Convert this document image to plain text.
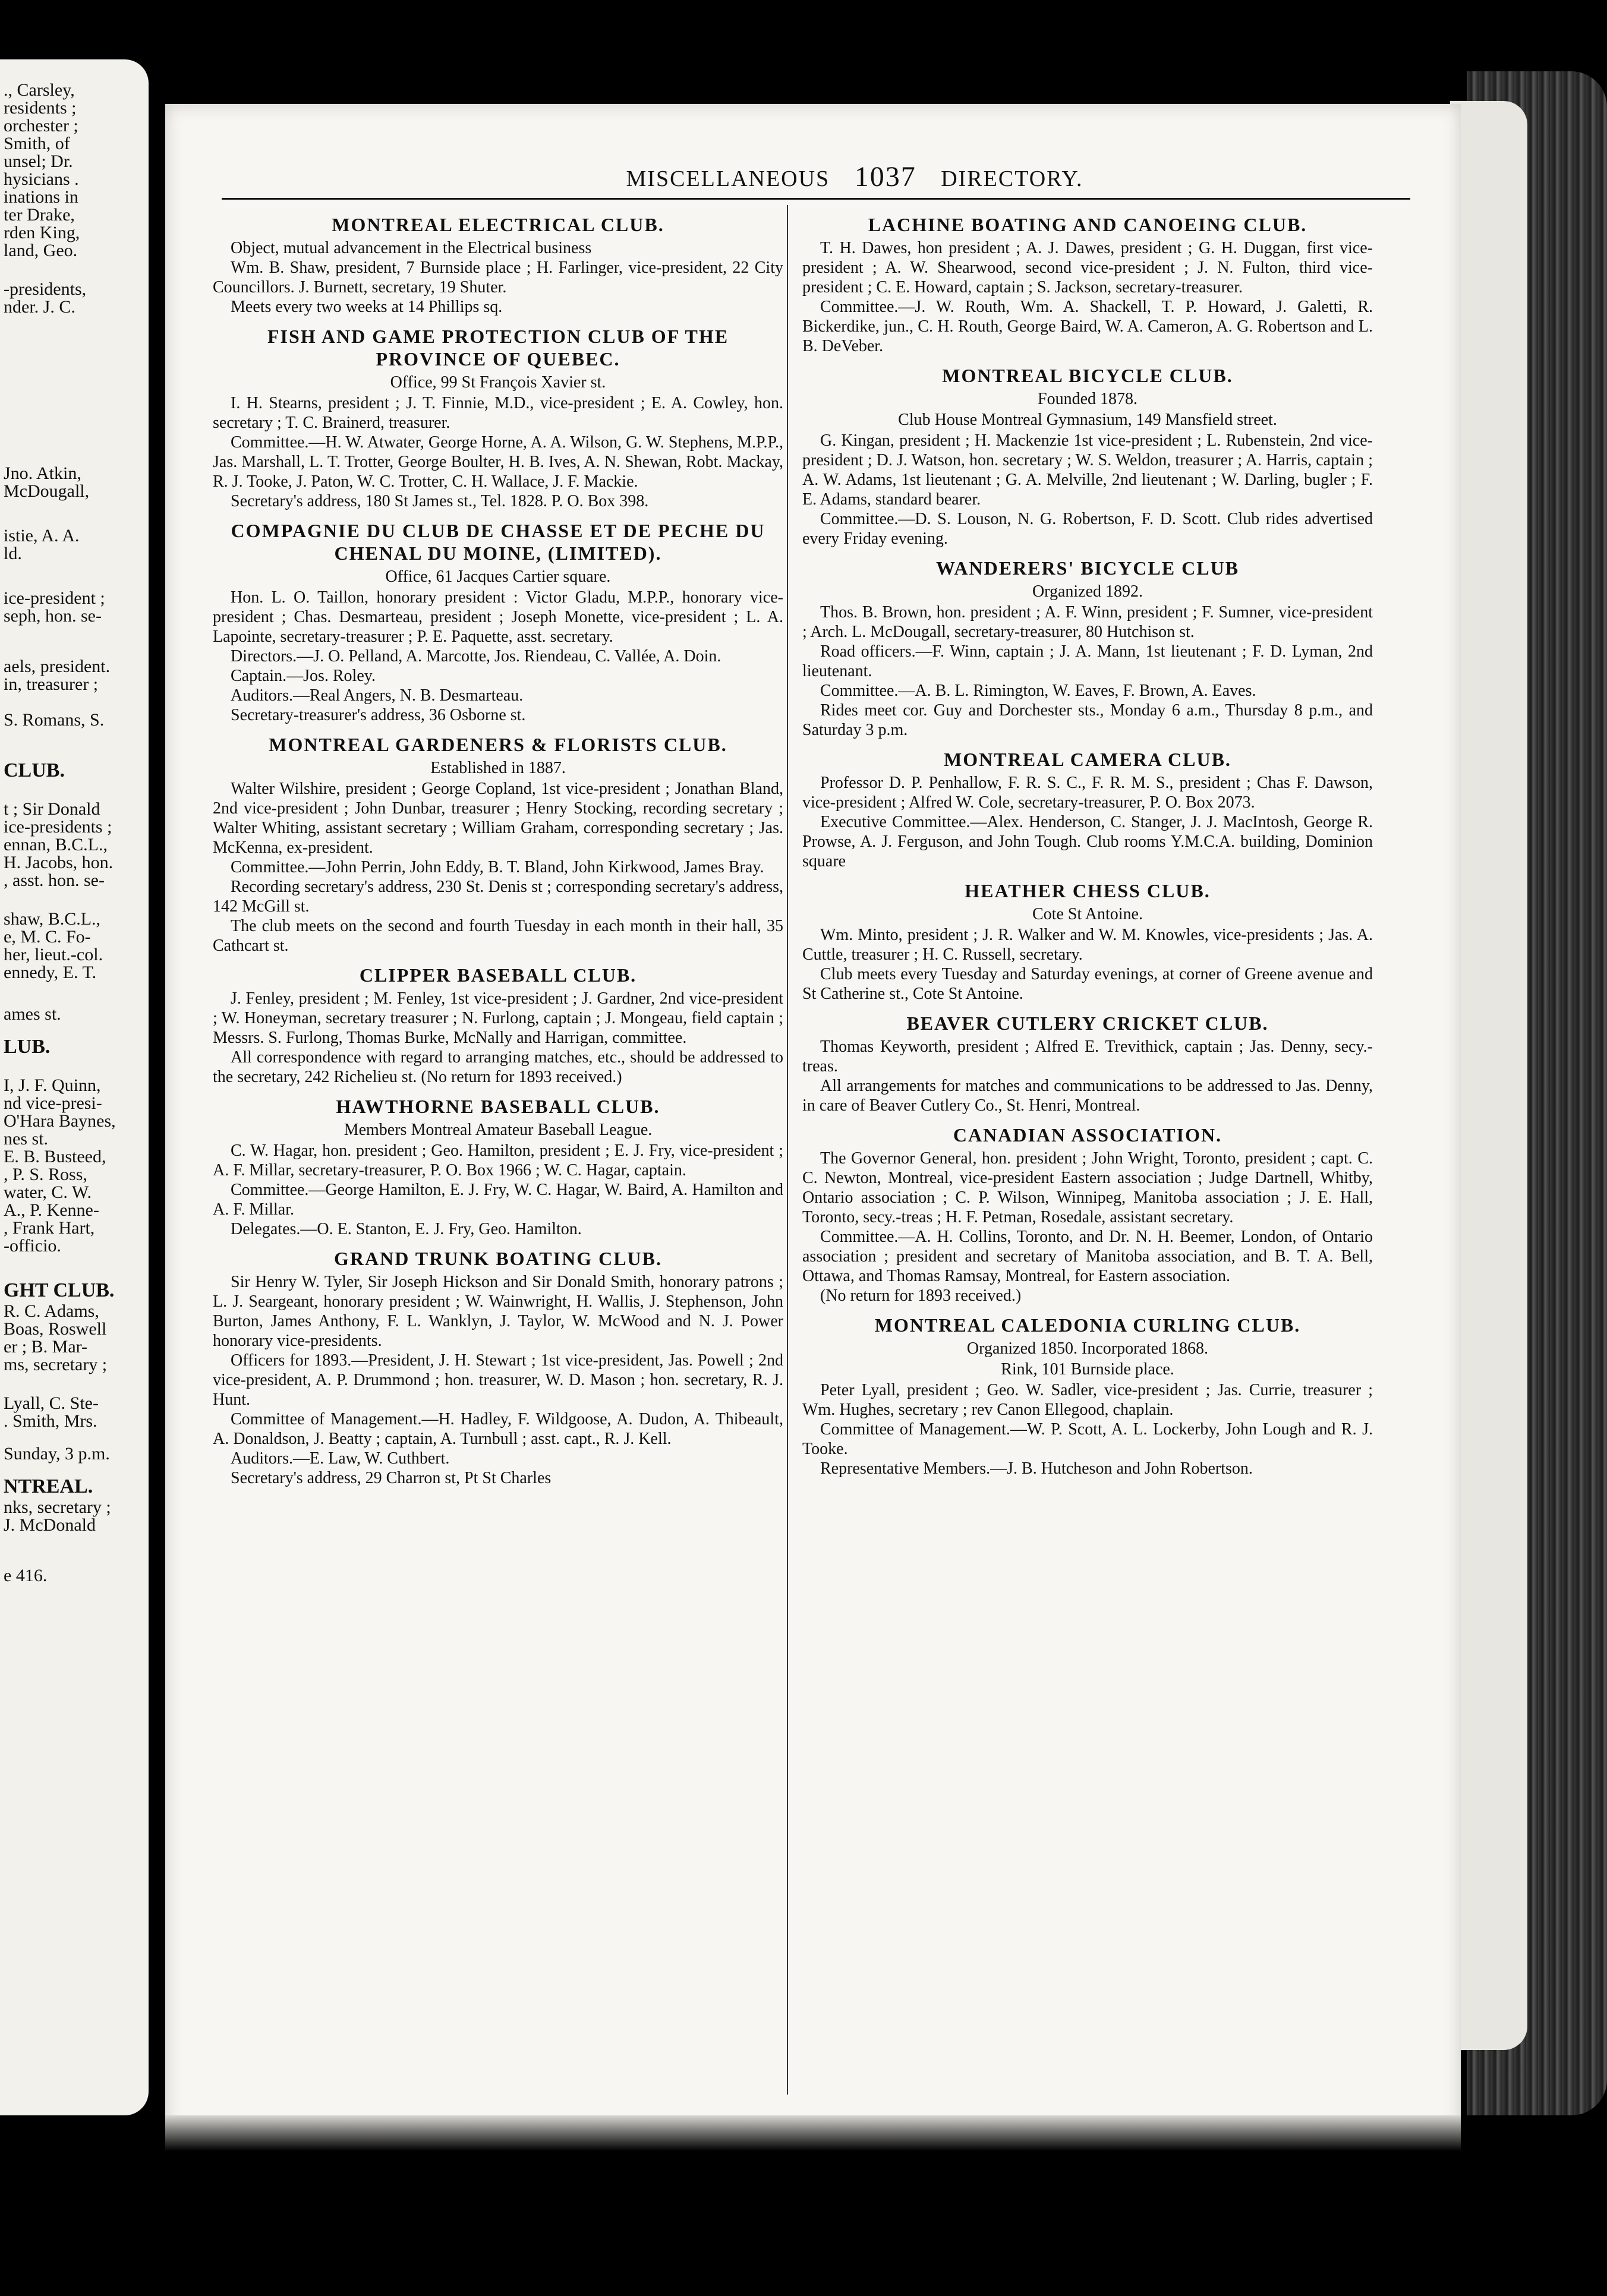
., Carsley,
residents ;
orchester ;
Smith, of
unsel; Dr.
hysicians .
inations in
ter Drake,
rden King,
land, Geo.
-presidents,
nder. J. C.
Jno. Atkin,
McDougall,
istie, A. A.
ld.
ice-president ;
seph, hon. se-
aels, president.
in, treasurer ;
S. Romans, S.
CLUB.
t ; Sir Donald
ice-presidents ;
ennan, B.C.L.,
H. Jacobs, hon.
, asst. hon. se-
shaw, B.C.L.,
e, M. C. Fo-
her, lieut.-col.
ennedy, E. T.
ames st.
LUB.
I, J. F. Quinn,
nd vice-presi-
O'Hara Baynes,
nes st.
E. B. Busteed,
, P. S. Ross,
water, C. W.
A., P. Kenne-
, Frank Hart,
-officio.
GHT CLUB.
R. C. Adams,
Boas, Roswell
er ; B. Mar-
ms, secretary ;
Lyall, C. Ste-
. Smith, Mrs.
Sunday, 3 p.m.
NTREAL.
nks, secretary ;
J. McDonald
e 416.
MISCELLANEOUS 1037 DIRECTORY.
MONTREAL ELECTRICAL CLUB.

Object, mutual advancement in the Electrical business

Wm. B. Shaw, president, 7 Burnside place ; H. Farlinger, vice-president, 22 City Councillors. J. Burnett, secretary, 19 Shuter.

Meets every two weeks at 14 Phillips sq.

FISH AND GAME PROTECTION CLUB OF THE PROVINCE OF QUEBEC.
Office, 99 St François Xavier st.

I. H. Stearns, president ; J. T. Finnie, M.D., vice-president ; E. A. Cowley, hon. secretary ; T. C. Brainerd, treasurer.

Committee.—H. W. Atwater, George Horne, A. A. Wilson, G. W. Stephens, M.P.P., Jas. Marshall, L. T. Trotter, George Boulter, H. B. Ives, A. N. Shewan, Robt. Mackay, R. J. Tooke, J. Paton, W. C. Trotter, C. H. Wallace, J. F. Mackie.

Secretary's address, 180 St James st., Tel. 1828. P. O. Box 398.

COMPAGNIE DU CLUB DE CHASSE ET DE PECHE DU CHENAL DU MOINE, (LIMITED).
Office, 61 Jacques Cartier square.

Hon. L. O. Taillon, honorary president : Victor Gladu, M.P.P., honorary vice-president ; Chas. Desmarteau, president ; Joseph Monette, vice-president ; L. A. Lapointe, secretary-treasurer ; P. E. Paquette, asst. secretary.

Directors.—J. O. Pelland, A. Marcotte, Jos. Riendeau, C. Vallée, A. Doin.

Captain.—Jos. Roley.

Auditors.—Real Angers, N. B. Desmarteau.

Secretary-treasurer's address, 36 Osborne st.

MONTREAL GARDENERS & FLORISTS CLUB.
Established in 1887.

Walter Wilshire, president ; George Copland, 1st vice-president ; Jonathan Bland, 2nd vice-president ; John Dunbar, treasurer ; Henry Stocking, recording secretary ; Walter Whiting, assistant secretary ; William Graham, corresponding secretary ; Jas. McKenna, ex-president.

Committee.—John Perrin, John Eddy, B. T. Bland, John Kirkwood, James Bray.

Recording secretary's address, 230 St. Denis st ; corresponding secretary's address, 142 McGill st.

The club meets on the second and fourth Tuesday in each month in their hall, 35 Cathcart st.

CLIPPER BASEBALL CLUB.

J. Fenley, president ; M. Fenley, 1st vice-president ; J. Gardner, 2nd vice-president ; W. Honeyman, secretary treasurer ; N. Furlong, captain ; J. Mongeau, field captain ; Messrs. S. Furlong, Thomas Burke, McNally and Harrigan, committee.

All correspondence with regard to arranging matches, etc., should be addressed to the secretary, 242 Richelieu st. (No return for 1893 received.)

HAWTHORNE BASEBALL CLUB.
Members Montreal Amateur Baseball League.

C. W. Hagar, hon. president ; Geo. Hamilton, president ; E. J. Fry, vice-president ; A. F. Millar, secretary-treasurer, P. O. Box 1966 ; W. C. Hagar, captain.

Committee.—George Hamilton, E. J. Fry, W. C. Hagar, W. Baird, A. Hamilton and A. F. Millar.

Delegates.—O. E. Stanton, E. J. Fry, Geo. Hamilton.

GRAND TRUNK BOATING CLUB.

Sir Henry W. Tyler, Sir Joseph Hickson and Sir Donald Smith, honorary patrons ; L. J. Seargeant, honorary president ; W. Wainwright, H. Wallis, J. Stephenson, John Burton, James Anthony, F. L. Wanklyn, J. Taylor, W. McWood and N. J. Power honorary vice-presidents.

Officers for 1893.—President, J. H. Stewart ; 1st vice-president, Jas. Powell ; 2nd vice-president, A. P. Drummond ; hon. treasurer, W. D. Mason ; hon. secretary, R. J. Hunt.

Committee of Management.—H. Hadley, F. Wildgoose, A. Dudon, A. Thibeault, A. Donaldson, J. Beatty ; captain, A. Turnbull ; asst. capt., R. J. Kell.

Auditors.—E. Law, W. Cuthbert.

Secretary's address, 29 Charron st, Pt St Charles

LACHINE BOATING AND CANOEING CLUB.

T. H. Dawes, hon president ; A. J. Dawes, president ; G. H. Duggan, first vice-president ; A. W. Shearwood, second vice-president ; J. N. Fulton, third vice-president ; C. E. Howard, captain ; S. Jackson, secretary-treasurer.

Committee.—J. W. Routh, Wm. A. Shackell, T. P. Howard, J. Galetti, R. Bickerdike, jun., C. H. Routh, George Baird, W. A. Cameron, A. G. Robertson and L. B. DeVeber.

MONTREAL BICYCLE CLUB.
Founded 1878.
Club House Montreal Gymnasium, 149 Mansfield street.

G. Kingan, president ; H. Mackenzie 1st vice-president ; L. Rubenstein, 2nd vice-president ; D. J. Watson, hon. secretary ; W. S. Weldon, treasurer ; A. Harris, captain ; A. W. Adams, 1st lieutenant ; G. A. Melville, 2nd lieutenant ; W. Darling, bugler ; F. E. Adams, standard bearer.

Committee.—D. S. Louson, N. G. Robertson, F. D. Scott. Club rides advertised every Friday evening.

WANDERERS' BICYCLE CLUB
Organized 1892.

Thos. B. Brown, hon. president ; A. F. Winn, president ; F. Sumner, vice-president ; Arch. L. McDougall, secretary-treasurer, 80 Hutchison st.

Road officers.—F. Winn, captain ; J. A. Mann, 1st lieutenant ; F. D. Lyman, 2nd lieutenant.

Committee.—A. B. L. Rimington, W. Eaves, F. Brown, A. Eaves.

Rides meet cor. Guy and Dorchester sts., Monday 6 a.m., Thursday 8 p.m., and Saturday 3 p.m.

MONTREAL CAMERA CLUB.

Professor D. P. Penhallow, F. R. S. C., F. R. M. S., president ; Chas F. Dawson, vice-president ; Alfred W. Cole, secretary-treasurer, P. O. Box 2073.

Executive Committee.—Alex. Henderson, C. Stanger, J. J. MacIntosh, George R. Prowse, A. J. Ferguson, and John Tough. Club rooms Y.M.C.A. building, Dominion square

HEATHER CHESS CLUB.
Cote St Antoine.

Wm. Minto, president ; J. R. Walker and W. M. Knowles, vice-presidents ; Jas. A. Cuttle, treasurer ; H. C. Russell, secretary.

Club meets every Tuesday and Saturday evenings, at corner of Greene avenue and St Catherine st., Cote St Antoine.

BEAVER CUTLERY CRICKET CLUB.

Thomas Keyworth, president ; Alfred E. Trevithick, captain ; Jas. Denny, secy.-treas.

All arrangements for matches and communications to be addressed to Jas. Denny, in care of Beaver Cutlery Co., St. Henri, Montreal.

CANADIAN ASSOCIATION.

The Governor General, hon. president ; John Wright, Toronto, president ; capt. C. C. Newton, Montreal, vice-president Eastern association ; Judge Dartnell, Whitby, Ontario association ; C. P. Wilson, Winnipeg, Manitoba association ; J. E. Hall, Toronto, secy.-treas ; H. F. Petman, Rosedale, assistant secretary.

Committee.—A. H. Collins, Toronto, and Dr. N. H. Beemer, London, of Ontario association ; president and secretary of Manitoba association, and B. T. A. Bell, Ottawa, and Thomas Ramsay, Montreal, for Eastern association.

(No return for 1893 received.)

MONTREAL CALEDONIA CURLING CLUB.
Organized 1850. Incorporated 1868.
Rink, 101 Burnside place.

Peter Lyall, president ; Geo. W. Sadler, vice-president ; Jas. Currie, treasurer ; Wm. Hughes, secretary ; rev Canon Ellegood, chaplain.

Committee of Management.—W. P. Scott, A. L. Lockerby, John Lough and R. J. Tooke.

Representative Members.—J. B. Hutcheson and John Robertson.
